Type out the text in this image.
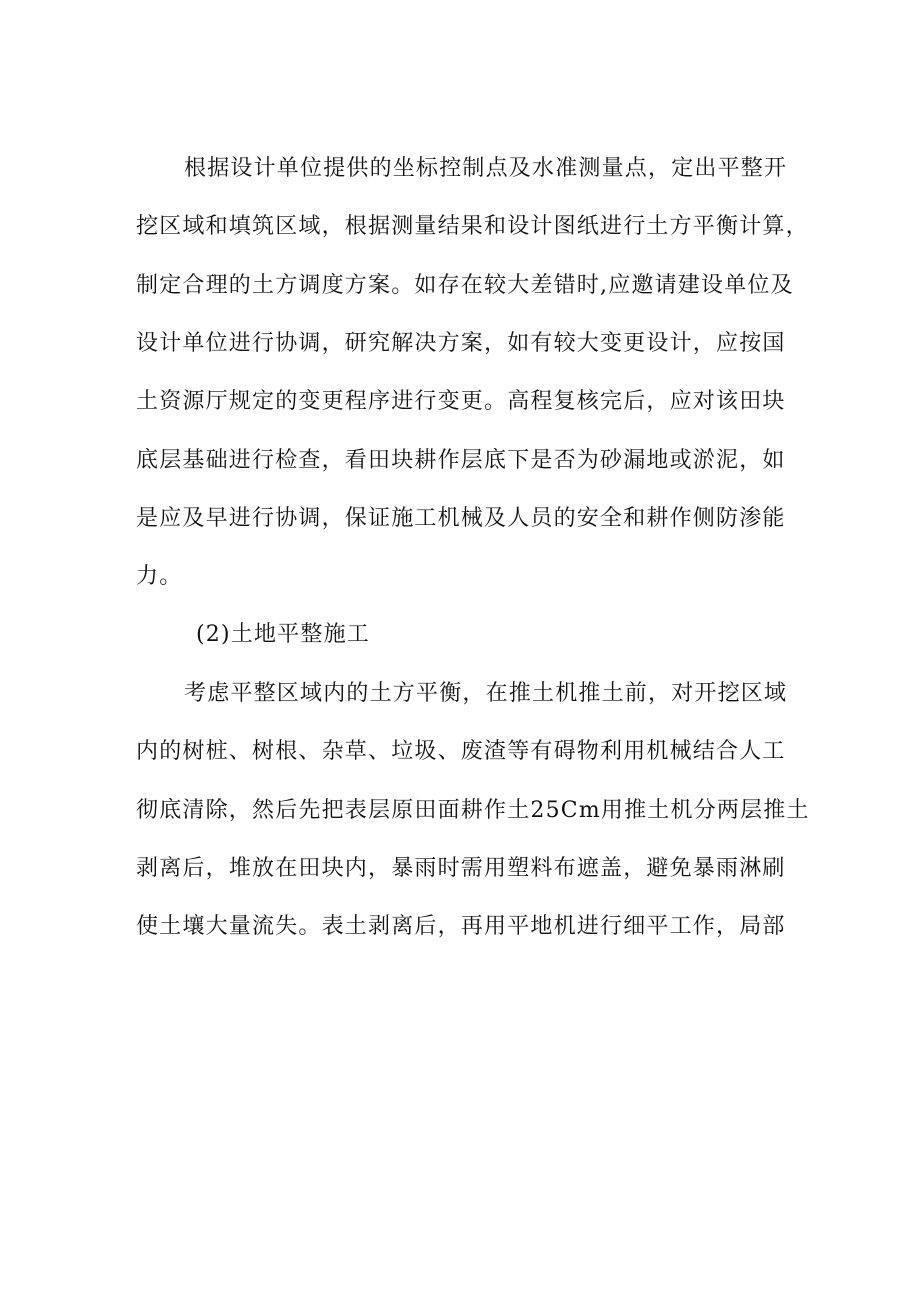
根据设计单位提供的坐标控制点及水准测量点，定出平整开
挖区域和填筑区域，根据测量结果和设计图纸进行土方平衡计算，
制定合理的土方调度方案。如存在较大差错时,应邀请建设单位及
设计单位进行协调，研究解决方案，如有较大变更设计，应按国
土资源厅规定的变更程序进行变更。高程复核完后，应对该田块
底层基础进行检查，看田块耕作层底下是否为砂漏地或淤泥，如
是应及早进行协调，保证施工机械及人员的安全和耕作侧防渗能
力。
(2)土地平整施工
考虑平整区域内的土方平衡，在推土机推土前，对开挖区域
内的树桩、树根、杂草、垃圾、废渣等有碍物利用机械结合人工
彻底清除，然后先把表层原田面耕作土25Cm用推土机分两层推土
剥离后，堆放在田块内，暴雨时需用塑料布遮盖，避免暴雨淋刷
使土壤大量流失。表土剥离后，再用平地机进行细平工作，局部
